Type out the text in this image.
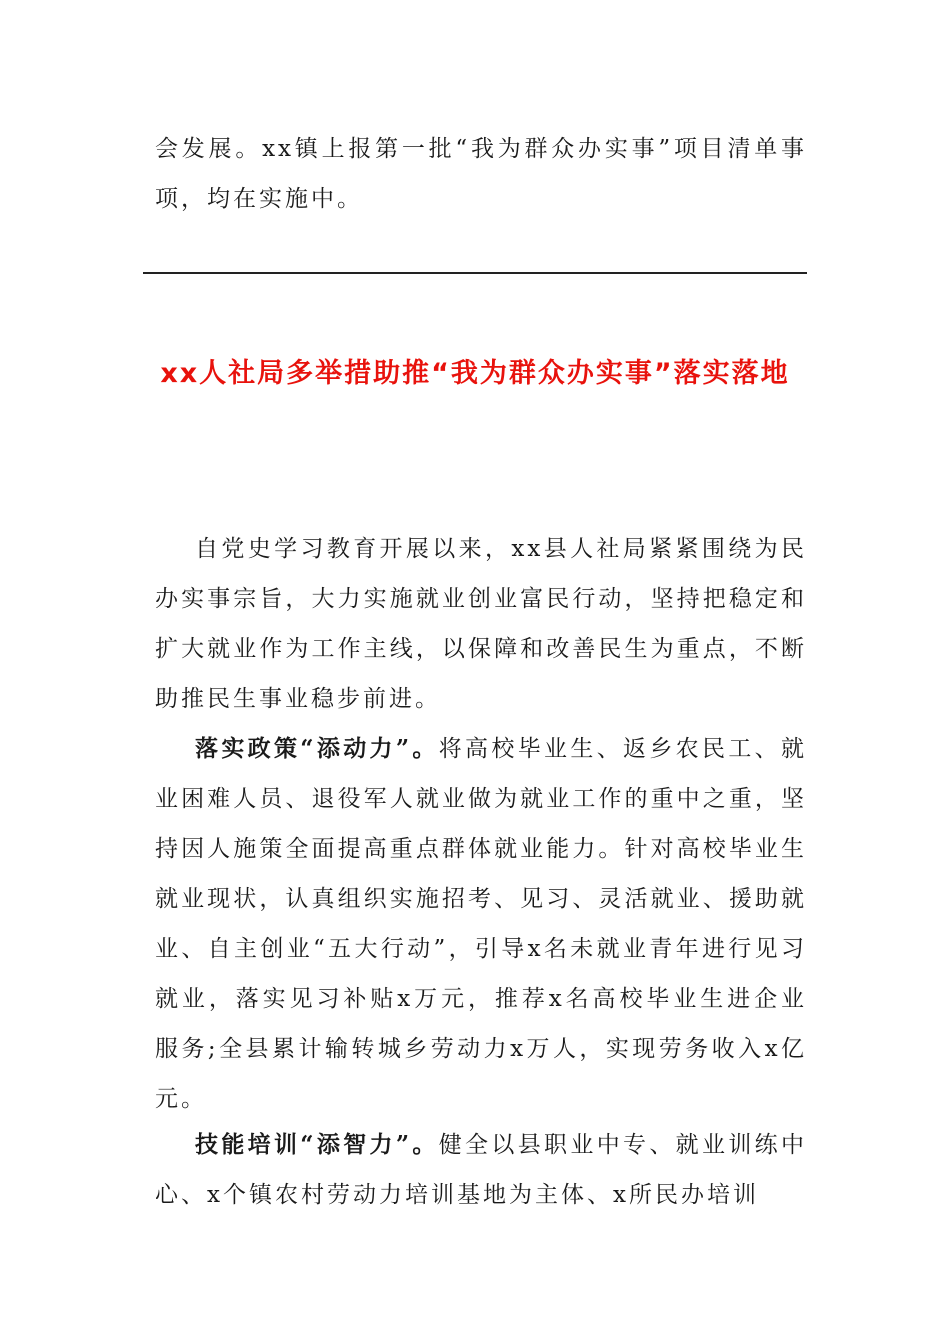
会发展。xx镇上报第一批“我为群众办实事”项目清单事项，均在实施中。

xx人社局多举措助推“我为群众办实事”落实落地

自党史学习教育开展以来，xx县人社局紧紧围绕为民办实事宗旨，大力实施就业创业富民行动，坚持把稳定和扩大就业作为工作主线，以保障和改善民生为重点，不断助推民生事业稳步前进。

落实政策“添动力”。将高校毕业生、返乡农民工、就业困难人员、退役军人就业做为就业工作的重中之重，坚持因人施策全面提高重点群体就业能力。针对高校毕业生就业现状，认真组织实施招考、见习、灵活就业、援助就业、自主创业“五大行动”，引导x名未就业青年进行见习就业，落实见习补贴x万元，推荐x名高校毕业生进企业服务;全县累计输转城乡劳动力x万人，实现劳务收入x亿元。

技能培训“添智力”。健全以县职业中专、就业训练中心、x个镇农村劳动力培训基地为主体、x所民办培训
